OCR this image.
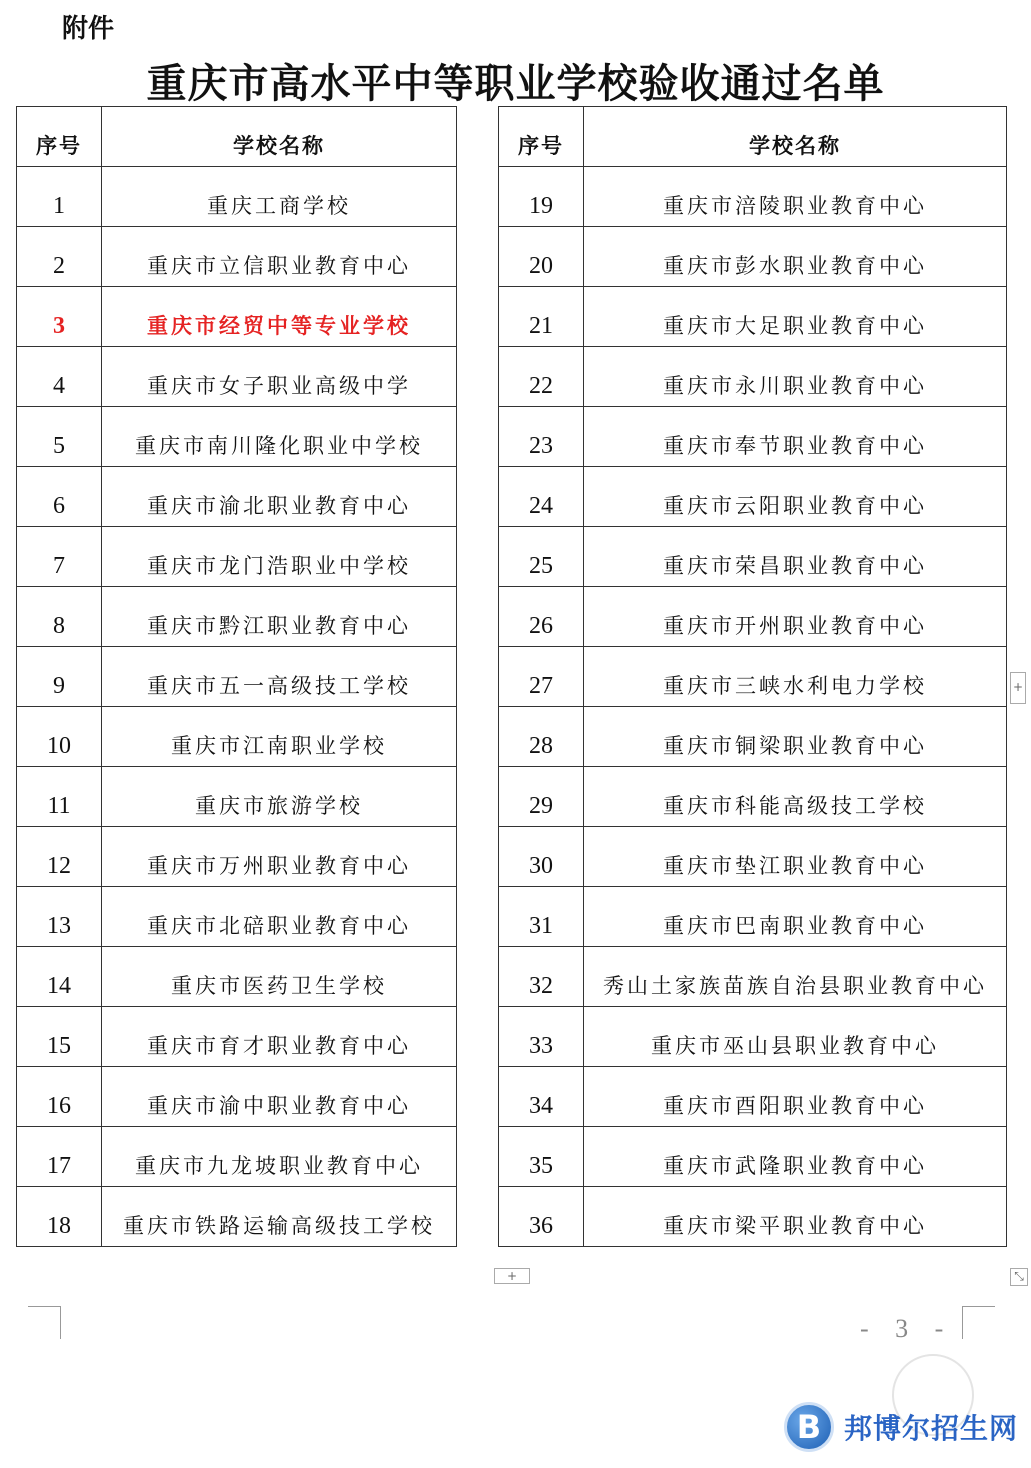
附件
重庆市高水平中等职业学校验收通过名单
序号	学校名称		序号	学校名称
1	重庆工商学校		19	重庆市涪陵职业教育中心
2	重庆市立信职业教育中心		20	重庆市彭水职业教育中心
3	重庆市经贸中等专业学校		21	重庆市大足职业教育中心
4	重庆市女子职业高级中学		22	重庆市永川职业教育中心
5	重庆市南川隆化职业中学校		23	重庆市奉节职业教育中心
6	重庆市渝北职业教育中心		24	重庆市云阳职业教育中心
7	重庆市龙门浩职业中学校		25	重庆市荣昌职业教育中心
8	重庆市黔江职业教育中心		26	重庆市开州职业教育中心
9	重庆市五一高级技工学校		27	重庆市三峡水利电力学校
10	重庆市江南职业学校		28	重庆市铜梁职业教育中心
11	重庆市旅游学校		29	重庆市科能高级技工学校
12	重庆市万州职业教育中心		30	重庆市垫江职业教育中心
13	重庆市北碚职业教育中心		31	重庆市巴南职业教育中心
14	重庆市医药卫生学校		32	秀山土家族苗族自治县职业教育中心
15	重庆市育才职业教育中心		33	重庆市巫山县职业教育中心
16	重庆市渝中职业教育中心		34	重庆市酉阳职业教育中心
17	重庆市九龙坡职业教育中心		35	重庆市武隆职业教育中心
18	重庆市铁路运输高级技工学校		36	重庆市梁平职业教育中心
+
+
⤡
- 3 -
B 邦博尔招生网
